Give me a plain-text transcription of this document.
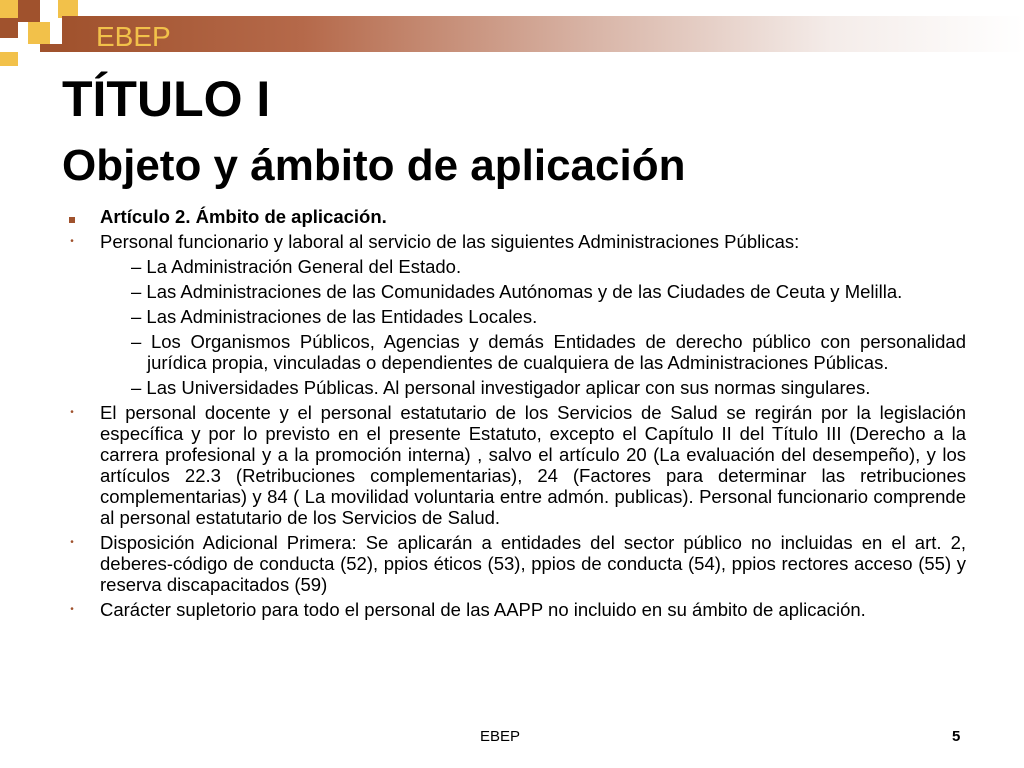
EBEP
TÍTULO I
Objeto y ámbito de aplicación
Artículo 2. Ámbito de aplicación.
•	Personal funcionario y laboral al servicio de las siguientes Administraciones Públicas:
– La Administración General del Estado.
– Las Administraciones de las Comunidades Autónomas y de las Ciudades de Ceuta y Melilla.
– Las Administraciones de las Entidades Locales.
– Los Organismos Públicos, Agencias y demás Entidades de derecho público con personalidad jurídica propia, vinculadas o dependientes de cualquiera de las Administraciones Públicas.
– Las Universidades Públicas. Al personal investigador aplicar con sus normas singulares.
•	El personal docente y el personal estatutario de los Servicios de Salud se regirán por la legislación específica y por lo previsto en el presente Estatuto, excepto el Capítulo II del Título III (Derecho a la carrera profesional y a la promoción interna) , salvo el artículo 20 (La evaluación del desempeño), y los artículos 22.3 (Retribuciones complementarias), 24 (Factores para determinar las retribuciones complementarias) y 84 ( La movilidad voluntaria entre admón. publicas). Personal funcionario comprende al personal estatutario de los Servicios de Salud.
•	Disposición Adicional Primera: Se aplicarán a entidades del sector público no incluidas en el art. 2, deberes-código de conducta (52), ppios éticos (53), ppios de conducta (54), ppios rectores acceso (55) y reserva discapacitados (59)
•	Carácter supletorio para todo el personal de las AAPP no incluido en su ámbito de aplicación.
EBEP	5
